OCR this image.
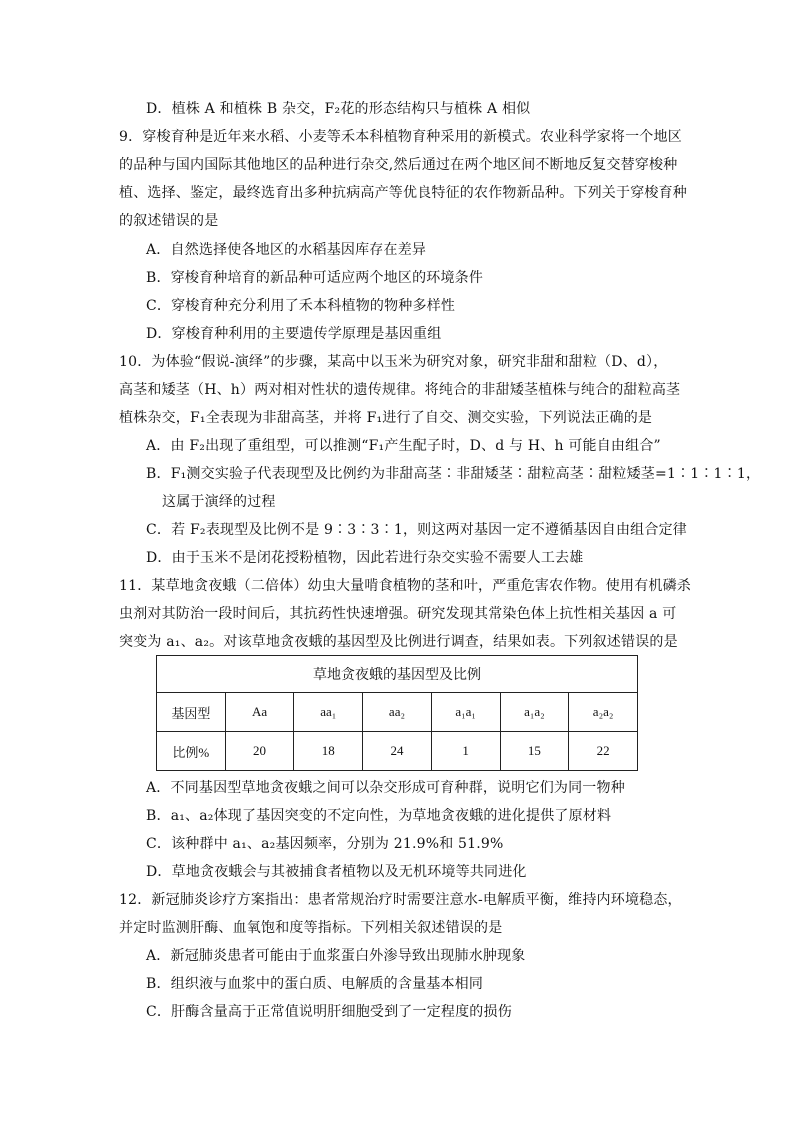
D．植株 A 和植株 B 杂交，F₂花的形态结构只与植株 A 相似
9．穿梭育种是近年来水稻、小麦等禾本科植物育种采用的新模式。农业科学家将一个地区
的品种与国内国际其他地区的品种进行杂交,然后通过在两个地区间不断地反复交替穿梭种
植、选择、鉴定，最终选育出多种抗病高产等优良特征的农作物新品种。下列关于穿梭育种
的叙述错误的是
A．自然选择使各地区的水稻基因库存在差异
B．穿梭育种培育的新品种可适应两个地区的环境条件
C．穿梭育种充分利用了禾本科植物的物种多样性
D．穿梭育种利用的主要遗传学原理是基因重组
10．为体验“假说-演绎”的步骤，某高中以玉米为研究对象，研究非甜和甜粒（D、d），
高茎和矮茎（H、h）两对相对性状的遗传规律。将纯合的非甜矮茎植株与纯合的甜粒高茎
植株杂交，F₁全表现为非甜高茎，并将 F₁进行了自交、测交实验，下列说法正确的是
A．由 F₂出现了重组型，可以推测“F₁产生配子时，D、d 与 H、h 可能自由组合”
B．F₁测交实验子代表现型及比例约为非甜高茎∶非甜矮茎∶甜粒高茎∶甜粒矮茎=1∶1∶1∶1，
这属于演绎的过程
C．若 F₂表现型及比例不是 9∶3∶3∶1，则这两对基因一定不遵循基因自由组合定律
D．由于玉米不是闭花授粉植物，因此若进行杂交实验不需要人工去雄
11．某草地贪夜蛾（二倍体）幼虫大量啃食植物的茎和叶，严重危害农作物。使用有机磷杀
虫剂对其防治一段时间后，其抗药性快速增强。研究发现其常染色体上抗性相关基因 a 可
突变为 a₁、a₂。对该草地贪夜蛾的基因型及比例进行调查，结果如表。下列叙述错误的是
草地贪夜蛾的基因型及比例						
基因型	Aa	aa₁	aa₂	a₁a₁	a₁a₂	a₂a₂
比例%	20	18	24	1	15	22
A．不同基因型草地贪夜蛾之间可以杂交形成可育种群，说明它们为同一物种
B．a₁、a₂体现了基因突变的不定向性，为草地贪夜蛾的进化提供了原材料
C．该种群中 a₁、a₂基因频率，分别为 21.9%和 51.9%
D．草地贪夜蛾会与其被捕食者植物以及无机环境等共同进化
12．新冠肺炎诊疗方案指出：患者常规治疗时需要注意水-电解质平衡，维持内环境稳态，
并定时监测肝酶、血氧饱和度等指标。下列相关叙述错误的是
A．新冠肺炎患者可能由于血浆蛋白外渗导致出现肺水肿现象
B．组织液与血浆中的蛋白质、电解质的含量基本相同
C．肝酶含量高于正常值说明肝细胞受到了一定程度的损伤
